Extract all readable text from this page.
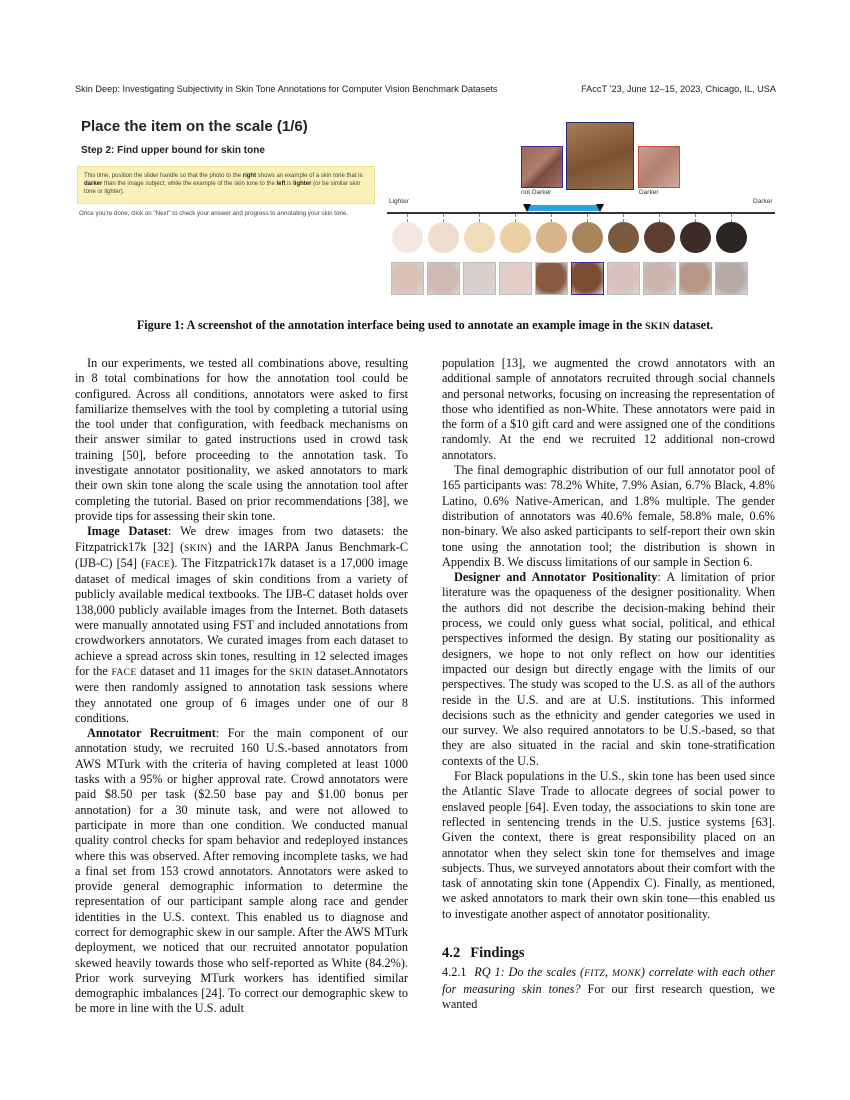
Skin Deep: Investigating Subjectivity in Skin Tone Annotations for Computer Vision Benchmark Datasets	FAccT ’23, June 12–15, 2023, Chicago, IL, USA
Place the item on the scale (1/6)
Step 2: Find upper bound for skin tone
This time, position the slider handle so that the photo to the right shows an example of a skin tone that is darker than the image subject, while the example of the skin tone to the left is lighter (or be similar skin tone or lighter).
Once you're done, click on "Next" to check your answer and progress to annotating your skin tone.
not Darker	Darker
Lighter	Darker
Figure 1: A screenshot of the annotation interface being used to annotate an example image in the SKIN dataset.

In our experiments, we tested all combinations above, resulting in 8 total combinations for how the annotation tool could be configured. Across all conditions, annotators were asked to first familiarize themselves with the tool by completing a tutorial using the tool under that configuration, with feedback mechanisms on their answer similar to gated instructions used in crowd task training [50], before proceeding to the annotation task. To investigate annotator positionality, we asked annotators to mark their own skin tone along the scale using the annotation tool after completing the tutorial. Based on prior recommendations [38], we provide tips for assessing their skin tone.

Image Dataset: We drew images from two datasets: the Fitzpatrick17k [32] (SKIN) and the IARPA Janus Benchmark-C (IJB-C) [54] (FACE). The Fitzpatrick17k dataset is a 17,000 image dataset of medical images of skin conditions from a variety of publicly available medical textbooks. The IJB-C dataset holds over 138,000 publicly available images from the Internet. Both datasets were manually annotated using FST and included annotations from crowdworkers annotators. We curated images from each dataset to achieve a spread across skin tones, resulting in 12 selected images for the FACE dataset and 11 images for the SKIN dataset.Annotators were then randomly assigned to annotation task sessions where they annotated one group of 6 images under one of our 8 conditions.

Annotator Recruitment: For the main component of our annotation study, we recruited 160 U.S.-based annotators from AWS MTurk with the criteria of having completed at least 1000 tasks with a 95% or higher approval rate. Crowd annotators were paid $8.50 per task ($2.50 base pay and $1.00 bonus per annotation) for a 30 minute task, and were not allowed to participate in more than one condition. We conducted manual quality control checks for spam behavior and redeployed instances where this was observed. After removing incomplete tasks, we had a final set from 153 crowd annotators. Annotators were asked to provide general demographic information to determine the representation of our participant sample along race and gender identities in the U.S. context. This enabled us to diagnose and correct for demographic skew in our sample. After the AWS MTurk deployment, we noticed that our recruited annotator population skewed heavily towards those who self-reported as White (84.2%). Prior work surveying MTurk workers has identified similar demographic imbalances [24]. To correct our demographic skew to be more in line with the U.S. adult

population [13], we augmented the crowd annotators with an additional sample of annotators recruited through social channels and personal networks, focusing on increasing the representation of those who identified as non-White. These annotators were paid in the form of a $10 gift card and were assigned one of the conditions randomly. At the end we recruited 12 additional non-crowd annotators.

The final demographic distribution of our full annotator pool of 165 participants was: 78.2% White, 7.9% Asian, 6.7% Black, 4.8% Latino, 0.6% Native-American, and 1.8% multiple. The gender distribution of annotators was 40.6% female, 58.8% male, 0.6% non-binary. We also asked participants to self-report their own skin tone using the annotation tool; the distribution is shown in Appendix B. We discuss limitations of our sample in Section 6.

Designer and Annotator Positionality: A limitation of prior literature was the opaqueness of the designer positionality. When the authors did not describe the decision-making behind their process, we could only guess what social, political, and ethical perspectives informed the design. By stating our positionality as designers, we hope to not only reflect on how our identities impacted our design but directly engage with the limits of our perspectives. The study was scoped to the U.S. as all of the authors reside in the U.S. and are at U.S. institutions. This informed decisions such as the ethnicity and gender categories we used in our survey. We also required annotators to be U.S.-based, so that they are also situated in the racial and skin tone-stratification contexts of the U.S.

For Black populations in the U.S., skin tone has been used since the Atlantic Slave Trade to allocate degrees of social power to enslaved people [64]. Even today, the associations to skin tone are reflected in sentencing trends in the U.S. justice systems [63]. Given the context, there is great responsibility placed on an annotator when they select skin tone for themselves and image subjects. Thus, we surveyed annotators about their comfort with the task of annotating skin tone (Appendix C). Finally, as mentioned, we asked annotators to mark their own skin tone—this enabled us to investigate another aspect of annotator positionality.

4.2 Findings

4.2.1 RQ 1: Do the scales (FITZ, MONK) correlate with each other for measuring skin tones? For our first research question, we wanted
